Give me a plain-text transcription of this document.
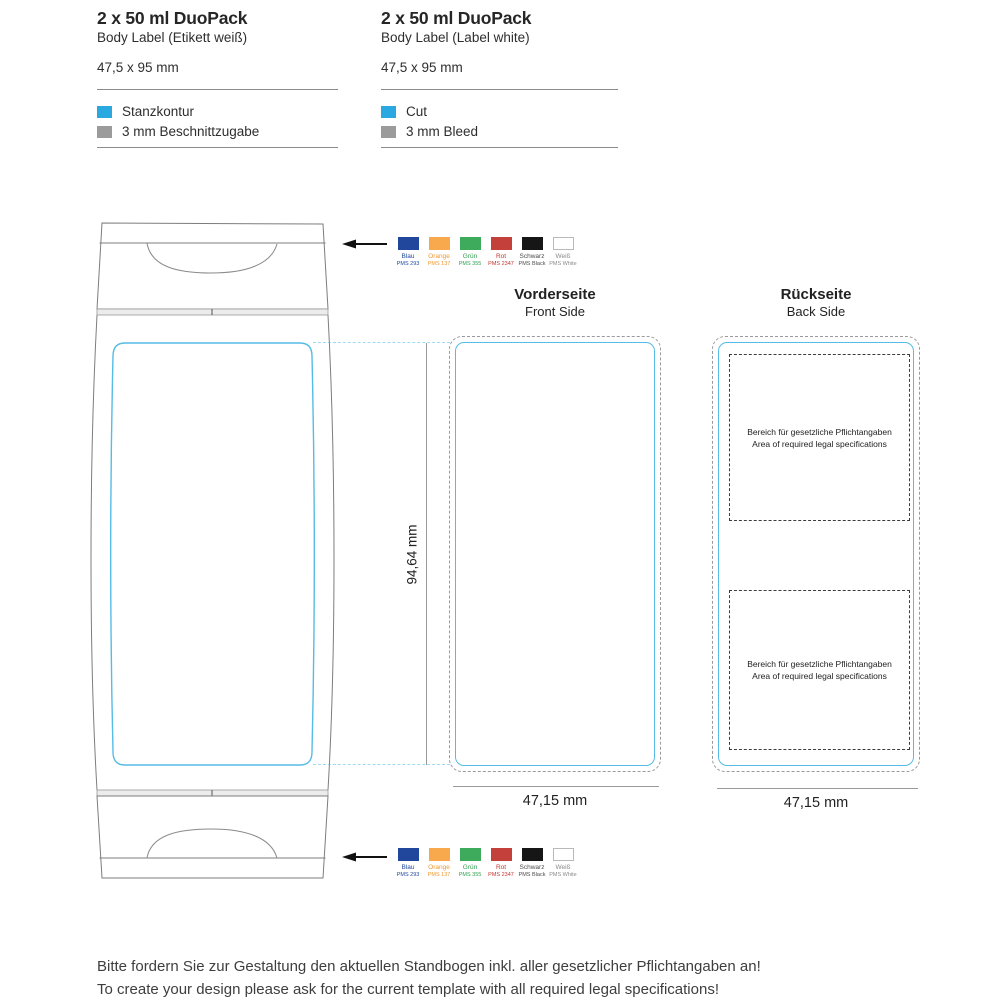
2 x 50 ml DuoPack
Body Label (Etikett weiß)
47,5 x 95 mm
Stanzkontur
3 mm Beschnittzugabe
2 x 50 ml DuoPack
Body Label (Label white)
47,5 x 95 mm
Cut
3 mm Bleed
Blau
PMS 293
Orange
PMS 137
Grün
PMS 355
Rot
PMS 2347
Schwarz
PMS Black
Weiß
PMS White
Blau
PMS 293
Orange
PMS 137
Grün
PMS 355
Rot
PMS 2347
Schwarz
PMS Black
Weiß
PMS White
Vorderseite
Front Side
94,64 mm
47,15 mm
Rückseite
Back Side
Bereich für gesetzliche Pflichtangaben
Area of required legal specifications
Bereich für gesetzliche Pflichtangaben
Area of required legal specifications
47,15 mm
Bitte fordern Sie zur Gestaltung den aktuellen Standbogen inkl. aller gesetzlicher Pflichtangaben an!
To create your design please ask for the current template with all required legal specifications!
